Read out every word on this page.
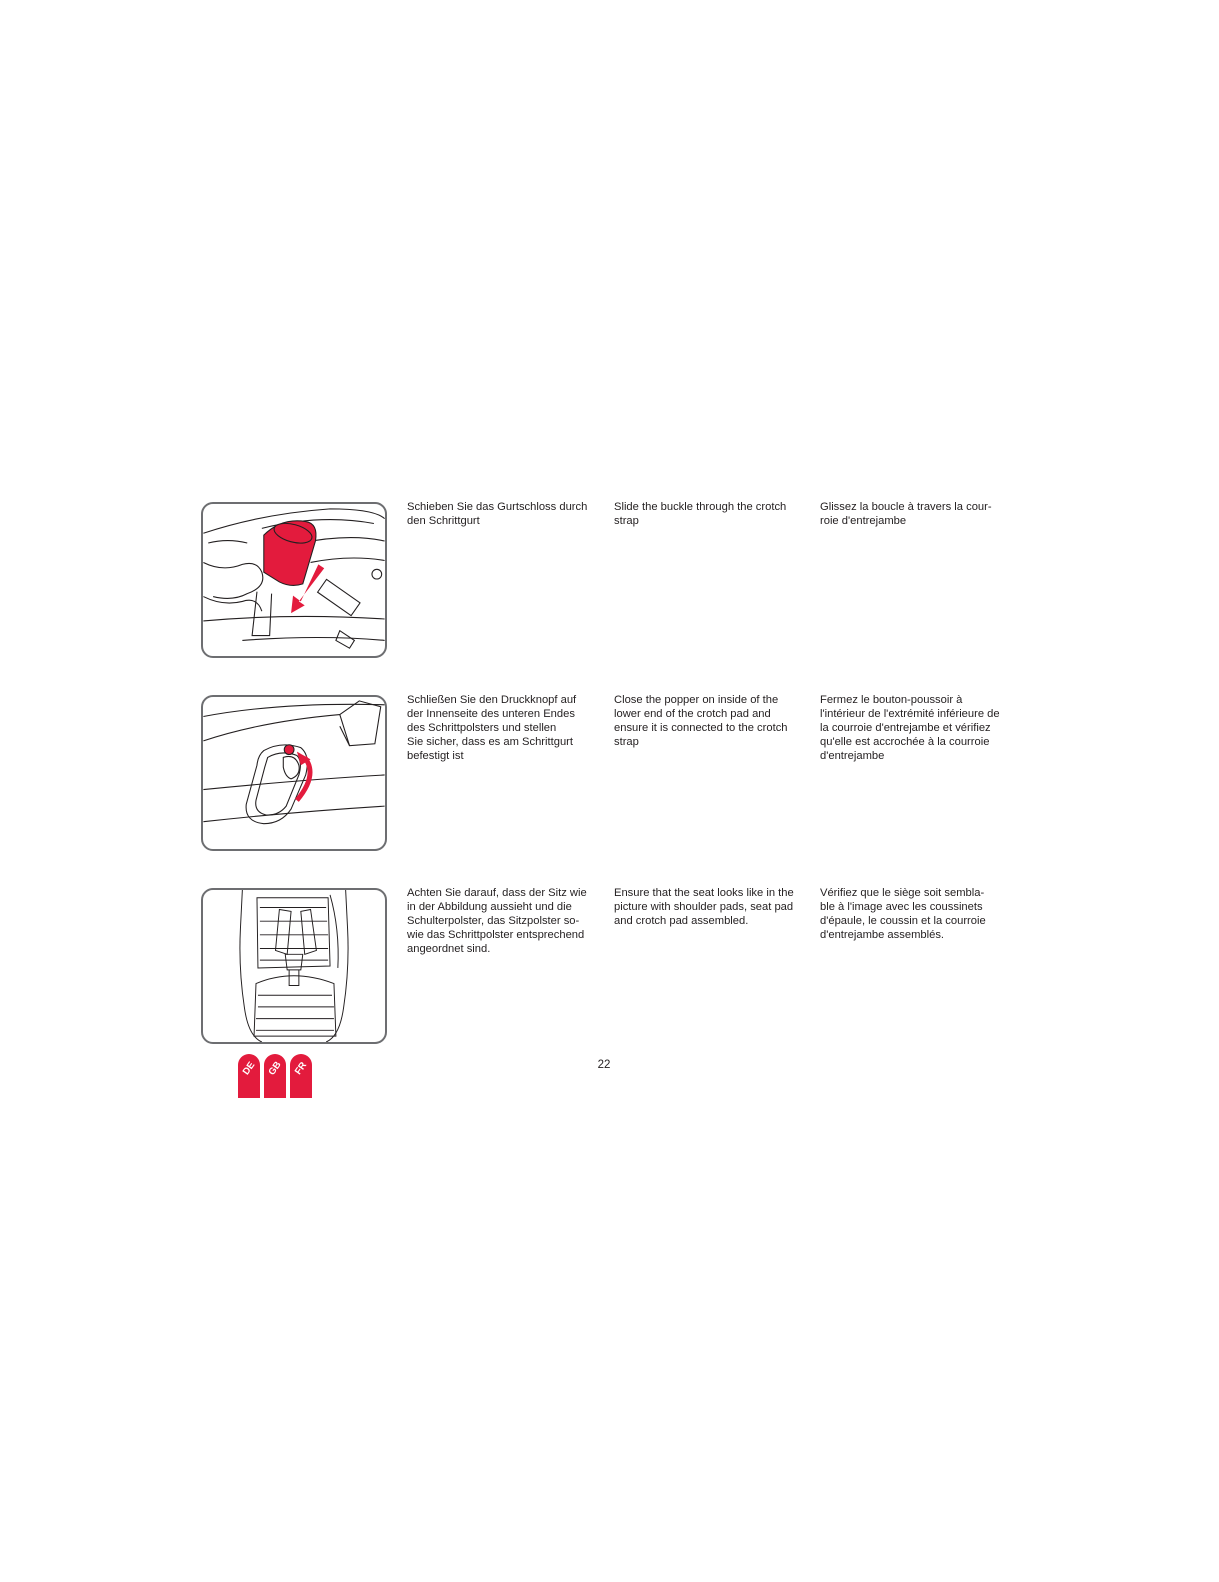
Schieben Sie das Gurtschloss durch
den Schrittgurt
Slide the buckle through the crotch
strap
Glissez la boucle à travers la cour-
roie d'entrejambe
Schließen Sie den Druckknopf auf
der Innenseite des unteren Endes
des Schrittpolsters und stellen
Sie sicher, dass es am Schrittgurt
befestigt ist
Close the popper on inside of the
lower end of the crotch pad and
ensure it is connected to the crotch
strap
Fermez le bouton-poussoir à
l'intérieur de l'extrémité inférieure de
la courroie d'entrejambe et vérifiez
qu'elle est accrochée à la courroie
d'entrejambe
Achten Sie darauf, dass der Sitz wie
in der Abbildung aussieht und die
Schulterpolster, das Sitzpolster so-
wie das Schrittpolster entsprechend
angeordnet sind.
Ensure that the seat looks like in the
picture with shoulder pads, seat pad
and crotch pad assembled.
Vérifiez que le siège soit sembla-
ble à l'image avec les coussinets
d'épaule, le coussin et la courroie
d'entrejambe assemblés.
DE GB FR	22
